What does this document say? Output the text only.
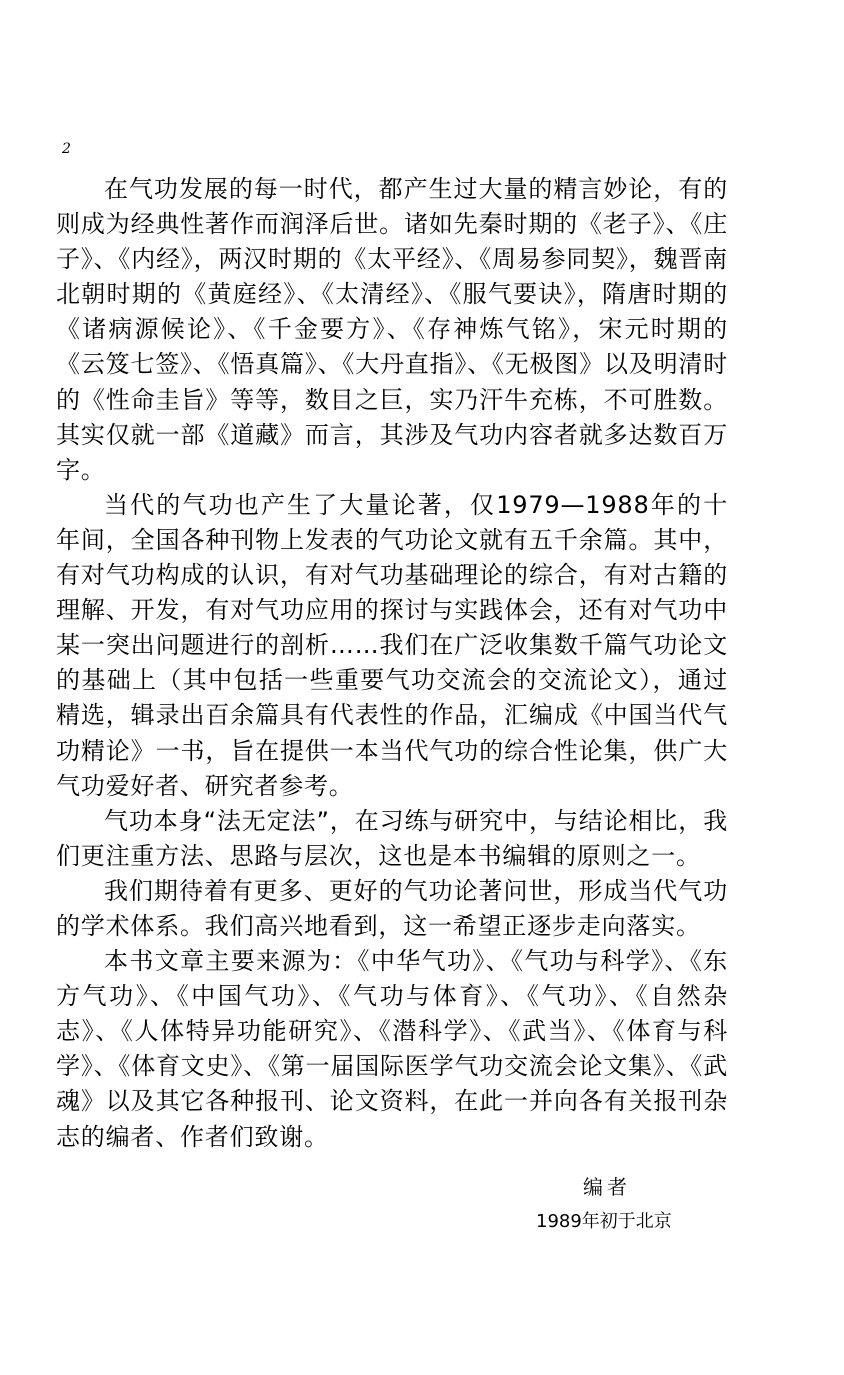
2

在气功发展的每一时代，都产生过大量的精言妙论，有的则成为经典性著作而润泽后世。诸如先秦时期的《老子》、《庄子》、《内经》，两汉时期的《太平经》、《周易参同契》，魏晋南北朝时期的《黄庭经》、《太清经》、《服气要诀》，隋唐时期的《诸病源候论》、《千金要方》、《存神炼气铭》，宋元时期的《云笈七签》、《悟真篇》、《大丹直指》、《无极图》以及明清时的《性命圭旨》等等，数目之巨，实乃汗牛充栋，不可胜数。其实仅就一部《道藏》而言，其涉及气功内容者就多达数百万字。

当代的气功也产生了大量论著，仅1979—1988年的十年间，全国各种刊物上发表的气功论文就有五千余篇。其中，有对气功构成的认识，有对气功基础理论的综合，有对古籍的理解、开发，有对气功应用的探讨与实践体会，还有对气功中某一突出问题进行的剖析……我们在广泛收集数千篇气功论文的基础上（其中包括一些重要气功交流会的交流论文），通过精选，辑录出百余篇具有代表性的作品，汇编成《中国当代气功精论》一书，旨在提供一本当代气功的综合性论集，供广大气功爱好者、研究者参考。

气功本身“法无定法”，在习练与研究中，与结论相比，我们更注重方法、思路与层次，这也是本书编辑的原则之一。

我们期待着有更多、更好的气功论著问世，形成当代气功的学术体系。我们高兴地看到，这一希望正逐步走向落实。

本书文章主要来源为：《中华气功》、《气功与科学》、《东方气功》、《中国气功》、《气功与体育》、《气功》、《自然杂志》、《人体特异功能研究》、《潜科学》、《武当》、《体育与科学》、《体育文史》、《第一届国际医学气功交流会论文集》、《武魂》以及其它各种报刊、论文资料，在此一并向各有关报刊杂志的编者、作者们致谢。

编者
1989年初于北京
